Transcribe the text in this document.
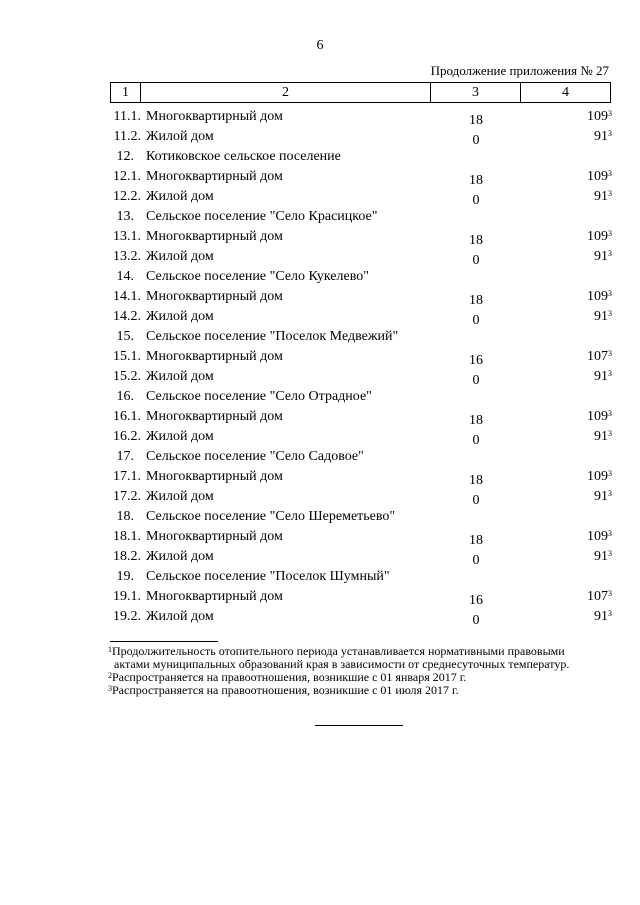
6
Продолжение приложения № 27
1	2	3	4
11.1. Многоквартирный дом	18	$109^3$
11.2. Жилой дом	0	$91^3$
12. Котиковское сельское поселение
12.1. Многоквартирный дом	18	$109^3$
12.2. Жилой дом	0	$91^3$
13. Сельское поселение "Село Красицкое"
13.1. Многоквартирный дом	18	$109^3$
13.2. Жилой дом	0	$91^3$
14. Сельское поселение "Село Кукелево"
14.1. Многоквартирный дом	18	$109^3$
14.2. Жилой дом	0	$91^3$
15. Сельское поселение "Поселок Медвежий"
15.1. Многоквартирный дом	16	$107^3$
15.2. Жилой дом	0	$91^3$
16. Сельское поселение "Село Отрадное"
16.1. Многоквартирный дом	18	$109^3$
16.2. Жилой дом	0	$91^3$
17. Сельское поселение "Село Садовое"
17.1. Многоквартирный дом	18	$109^3$
17.2. Жилой дом	0	$91^3$
18. Сельское поселение "Село Шереметьево"
18.1. Многоквартирный дом	18	$109^3$
18.2. Жилой дом	0	$91^3$
19. Сельское поселение "Поселок Шумный"
19.1. Многоквартирный дом	16	$107^3$
19.2. Жилой дом	0	$91^3$
$^1$Продолжительность отопительного периода устанавливается нормативными правовыми
актами муниципальных образований края в зависимости от среднесуточных температур.
$^2$Распространяется на правоотношения, возникшие с 01 января 2017 г.
$^3$Распространяется на правоотношения, возникшие с 01 июля 2017 г.
